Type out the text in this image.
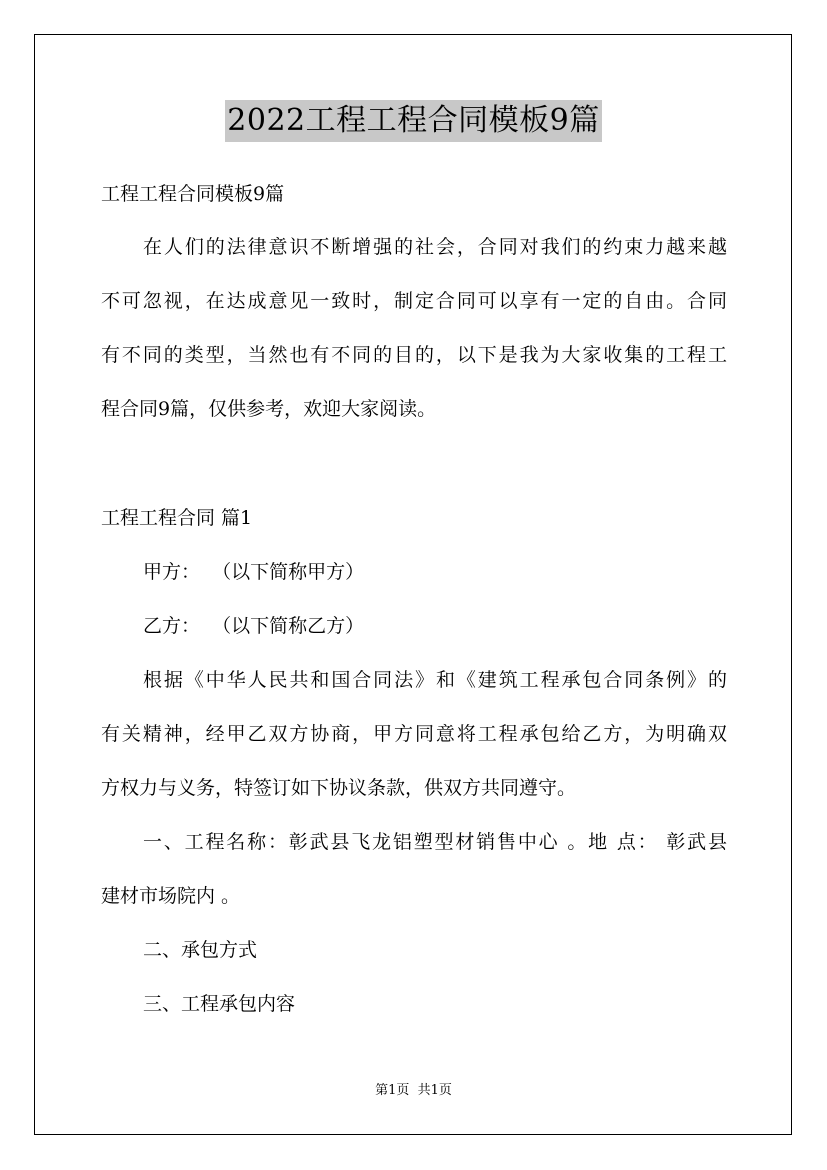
2022工程工程合同模板9篇
工程工程合同模板9篇
在人们的法律意识不断增强的社会，合同对我们的约束力越来越
不可忽视，在达成意见一致时，制定合同可以享有一定的自由。合同
有不同的类型，当然也有不同的目的，以下是我为大家收集的工程工
程合同9篇，仅供参考，欢迎大家阅读。
工程工程合同 篇1
甲方：  （以下简称甲方）
乙方：  （以下简称乙方）
根据《中华人民共和国合同法》和《建筑工程承包合同条例》的
有关精神，经甲乙双方协商，甲方同意将工程承包给乙方，为明确双
方权力与义务，特签订如下协议条款，供双方共同遵守。
一、工程名称：彰武县飞龙铝塑型材销售中心 。地 点： 彰武县
建材市场院内 。
二、承包方式
三、工程承包内容
第1页  共1页
